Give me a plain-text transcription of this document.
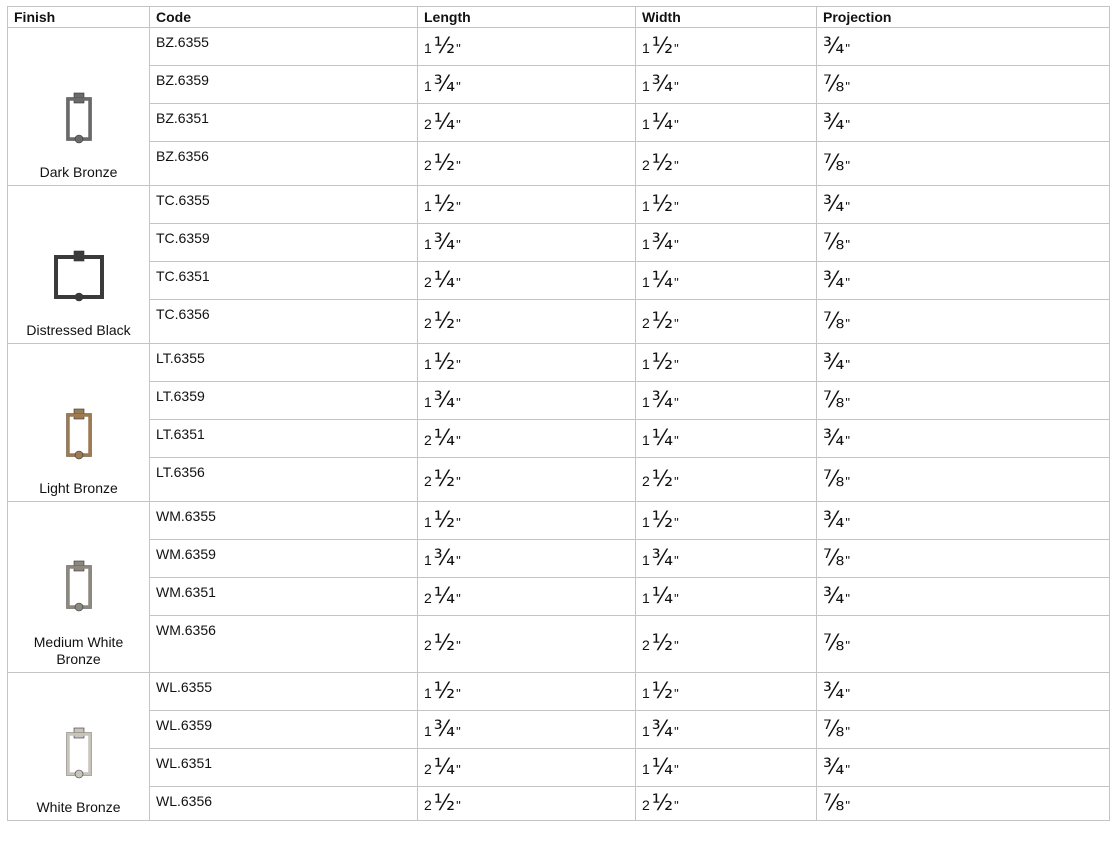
Finish	Code	Length	Width	Projection

Dark Bronze	BZ.6355	1 ½ "	1 ½ "	¾ "

	BZ.6359	1 ¾ "	1 ¾ "	⅞ "

	BZ.6351	2 ¼ "	1 ¼ "	¾ "

	BZ.6356	2 ½ "	2 ½ "	⅞ "

Distressed Black	TC.6355	1 ½ "	1 ½ "	¾ "

	TC.6359	1 ¾ "	1 ¾ "	⅞ "

	TC.6351	2 ¼ "	1 ¼ "	¾ "

	TC.6356	2 ½ "	2 ½ "	⅞ "

Light Bronze	LT.6355	1 ½ "	1 ½ "	¾ "

	LT.6359	1 ¾ "	1 ¾ "	⅞ "

	LT.6351	2 ¼ "	1 ¼ "	¾ "

	LT.6356	2 ½ "	2 ½ "	⅞ "

Medium White Bronze	WM.6355	1 ½ "	1 ½ "	¾ "

	WM.6359	1 ¾ "	1 ¾ "	⅞ "

	WM.6351	2 ¼ "	1 ¼ "	¾ "

	WM.6356	2 ½ "	2 ½ "	⅞ "

White Bronze	WL.6355	1 ½ "	1 ½ "	¾ "

	WL.6359	1 ¾ "	1 ¾ "	⅞ "

	WL.6351	2 ¼ "	1 ¼ "	¾ "

	WL.6356	2 ½ "	2 ½ "	⅞ "
